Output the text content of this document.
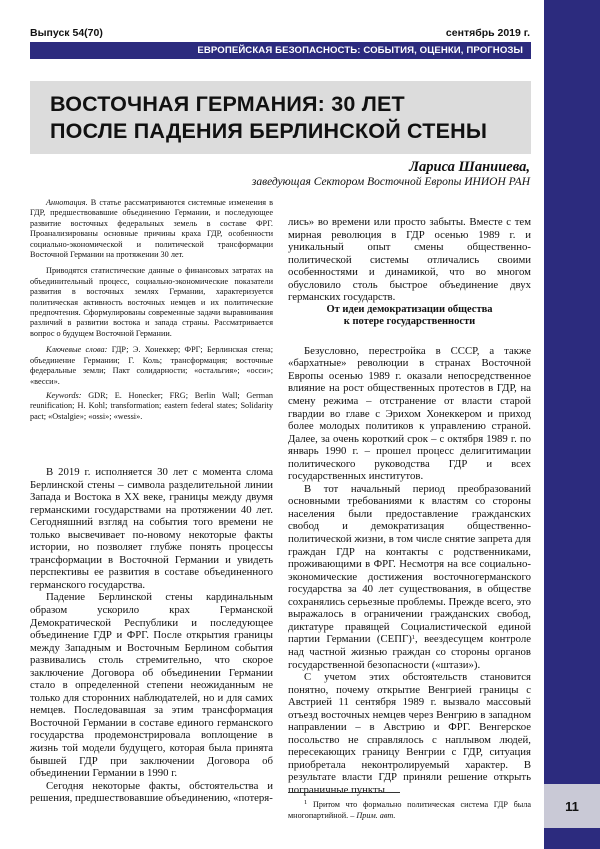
11
Выпуск 54(70)	сентябрь 2019 г.
ЕВРОПЕЙСКАЯ БЕЗОПАСНОСТЬ: СОБЫТИЯ, ОЦЕНКИ, ПРОГНОЗЫ
ВОСТОЧНАЯ ГЕРМАНИЯ: 30 ЛЕТ
ПОСЛЕ ПАДЕНИЯ БЕРЛИНСКОЙ СТЕНЫ
Лариса Шанииева,
заведующая Сектором Восточной Европы ИНИОН РАН

Аннотация. В статье рассматриваются системные изменения в ГДР, предшествовавшие объединению Германии, и последующее развитие восточных федеральных земель в составе ФРГ. Проанализированы основные причины краха ГДР, особенности социально-экономической и политической трансформации Восточной Германии на протяжении 30 лет.

Приводятся статистические данные о финансовых затратах на объединительный процесс, социально-экономические показатели развития в восточных землях Германии, характеризуется политическая активность восточных немцев и их политические предпочтения. Сформулированы современные задачи выравнивания различий в развитии востока и запада страны. Рассматривается вопрос о будущем Восточной Германии.

Ключевые слова: ГДР; Э. Хонеккер; ФРГ; Берлинская стена; объединение Германии; Г. Коль; трансформация; восточные федеральные земли; Пакт солидарности; «остальгия»; «осси»; «весси».

Keywords: GDR; E. Honecker; FRG; Berlin Wall; German reunification; H. Kohl; transformation; eastern federal states; Solidarity pact; «Ostalgie»; «ossi»; «wessi».

В 2019 г. исполняется 30 лет с момента слома Берлинской стены – символа разделительной линии Запада и Востока в XX веке, границы между двумя германскими государствами на протяжении 40 лет. Сегодняшний взгляд на события того времени не только высвечивает по-новому некоторые факты истории, но позволяет глубже понять процессы трансформации в Восточной Германии и увидеть перспективы ее развития в составе объединенного германского государства.

Падение Берлинской стены кардинальным образом ускорило крах Германской Демократической Республики и последующее объединение ГДР и ФРГ. После открытия границы между Западным и Восточным Берлином события развивались столь стремительно, что скорое заключение Договора об объединении Германии стало в определенной степени неожиданным не только для сторонних наблюдателей, но и для самих немцев. Последовавшая за этим трансформация Восточной Германии в составе единого германского государства продемонстрировала воплощение в жизнь той модели будущего, которая была принята бывшей ГДР при заключении Договора об объединении Германии в 1990 г.

Сегодня некоторые факты, обстоятельства и решения, предшествовавшие объединению, «потеря-

лись» во времени или просто забыты. Вместе с тем мирная революция в ГДР осенью 1989 г. и уникальный опыт смены общественно-политической системы отличались своими особенностями и динамикой, что во многом обусловило столь быстрое объединение двух германских государств.

От идеи демократизации общества
к потере государственности

Безусловно, перестройка в СССР, а также «бархатные» революции в странах Восточной Европы осенью 1989 г. оказали непосредственное влияние на рост общественных протестов в ГДР, на смену режима – отстранение от власти старой гвардии во главе с Эрихом Хонеккером и приход более молодых политиков к управлению страной. Далее, за очень короткий срок – с октября 1989 г. по январь 1990 г. – прошел процесс делигитимации политического руководства ГДР и всех государственных институтов.

В тот начальный период преобразований основными требованиями к властям со стороны населения были предоставление гражданских свобод и демократизация общественно-политической жизни, в том числе снятие запрета для граждан ГДР на контакты с родственниками, проживающими в ФРГ. Несмотря на все социально-экономические достижения восточногерманского государства за 40 лет существования, в обществе сохранялись серьезные проблемы. Прежде всего, это выражалось в ограничении гражданских свобод, диктатуре правящей Социалистической единой партии Германии (СЕПГ)$^1$, веездесущем контроле над частной жизнью граждан со стороны органов государственной безопасности («штази»).

С учетом этих обстоятельств становится понятно, почему открытие Венгрией границы с Австрией 11 сентября 1989 г. вызвало массовый отъезд восточных немцев через Венгрию в западном направлении – в Австрию и ФРГ. Венгерское посольство не справлялось с наплывом людей, пересекающих границу Венгрии с ГДР, ситуация приобретала неконтролируемый характер. В результате власти ГДР приняли решение открыть пограничные пункты

$^1$ Притом что формально политическая система ГДР была многопартийной. – Прим. авт.
